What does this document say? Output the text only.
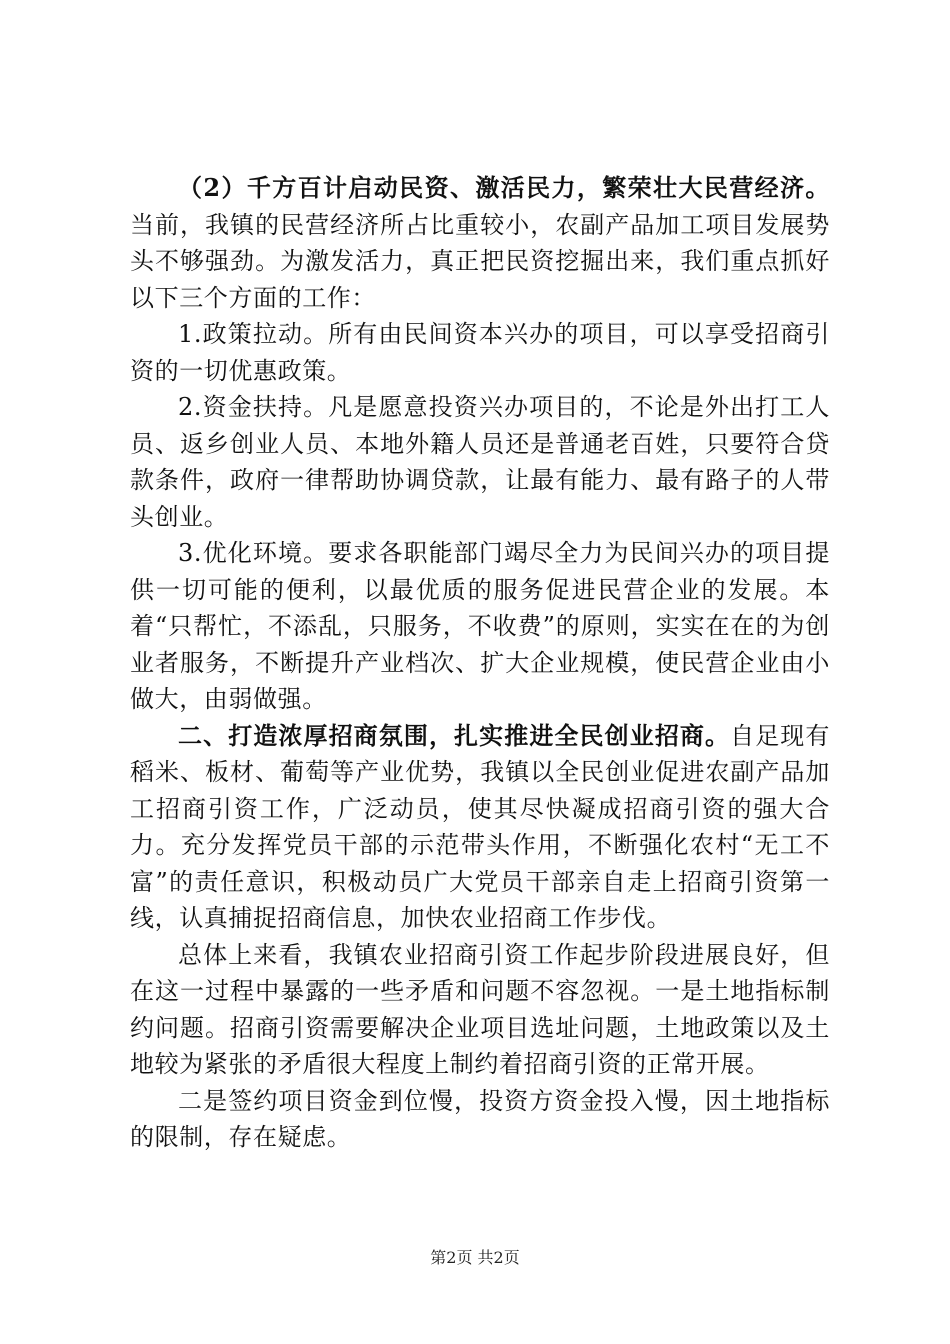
（2）千方百计启动民资、激活民力，繁荣壮大民营经济。当前，我镇的民营经济所占比重较小，农副产品加工项目发展势头不够强劲。为激发活力，真正把民资挖掘出来，我们重点抓好以下三个方面的工作：

1.政策拉动。所有由民间资本兴办的项目，可以享受招商引资的一切优惠政策。

2.资金扶持。凡是愿意投资兴办项目的，不论是外出打工人员、返乡创业人员、本地外籍人员还是普通老百姓，只要符合贷款条件，政府一律帮助协调贷款，让最有能力、最有路子的人带头创业。

3.优化环境。要求各职能部门竭尽全力为民间兴办的项目提供一切可能的便利，以最优质的服务促进民营企业的发展。本着“只帮忙，不添乱，只服务，不收费”的原则，实实在在的为创业者服务，不断提升产业档次、扩大企业规模，使民营企业由小做大，由弱做强。

二、打造浓厚招商氛围，扎实推进全民创业招商。自足现有稻米、板材、葡萄等产业优势，我镇以全民创业促进农副产品加工招商引资工作，广泛动员，使其尽快凝成招商引资的强大合力。充分发挥党员干部的示范带头作用，不断强化农村“无工不富”的责任意识，积极动员广大党员干部亲自走上招商引资第一线，认真捕捉招商信息，加快农业招商工作步伐。

总体上来看，我镇农业招商引资工作起步阶段进展良好，但在这一过程中暴露的一些矛盾和问题不容忽视。一是土地指标制约问题。招商引资需要解决企业项目选址问题，土地政策以及土地较为紧张的矛盾很大程度上制约着招商引资的正常开展。

二是签约项目资金到位慢，投资方资金投入慢，因土地指标的限制，存在疑虑。

第2页 共2页
